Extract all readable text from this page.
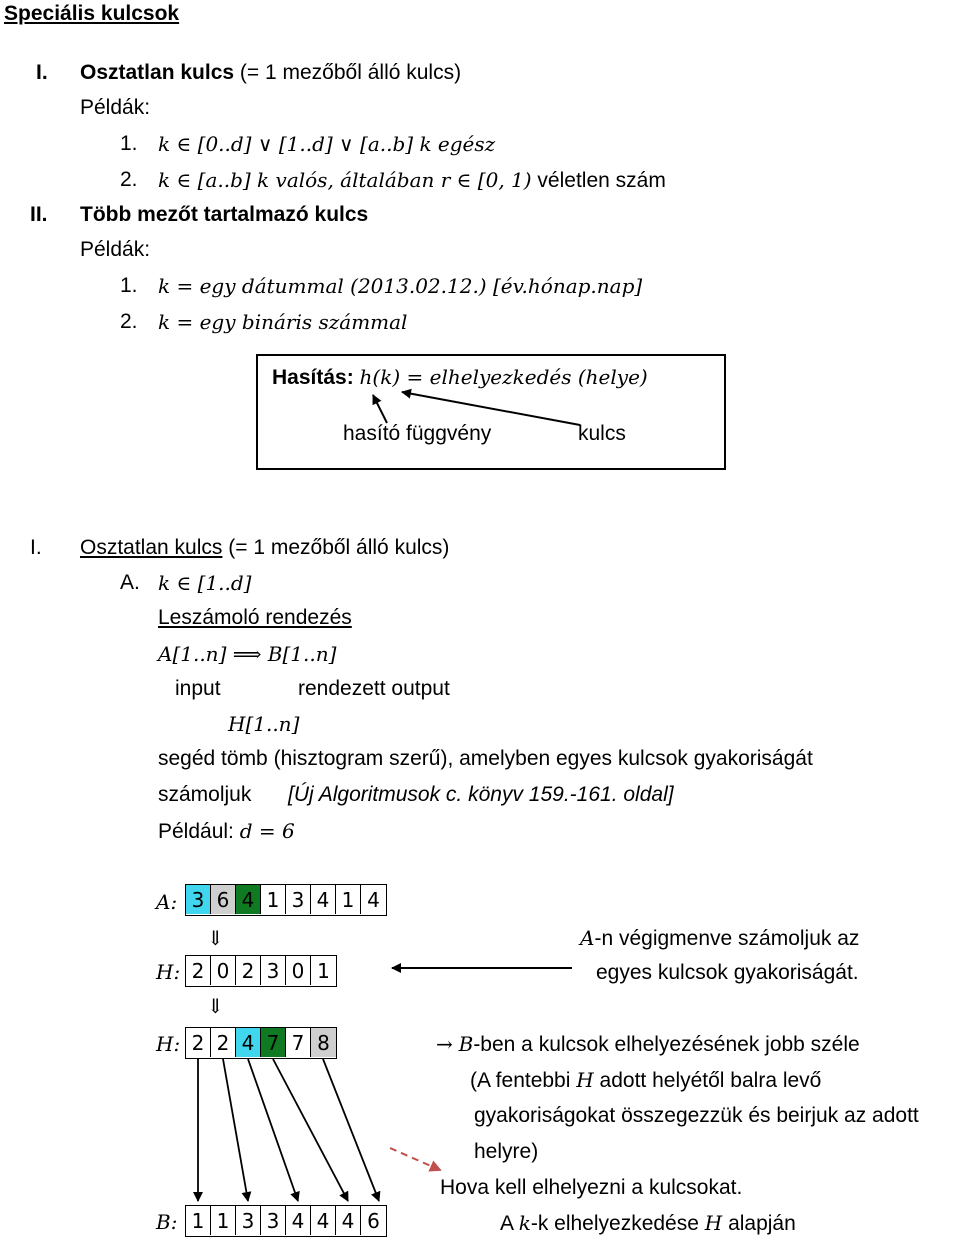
Speciális kulcsok
I. Osztatlan kulcs (= 1 mezőből álló kulcs)
Példák:
1. k ∈ [0..d] ∨ [1..d] ∨ [a..b] k egész
2. k ∈ [a..b] k valós, általában r ∈ [0, 1) véletlen szám
II. Több mezőt tartalmazó kulcs
Példák:
1. k = egy dátummal (2013.02.12.) [év.hónap.nap]
2. k = egy bináris számmal
Hasítás: h(k) = elhelyezkedés (helye)
hasító függvény	kulcs
I. Osztatlan kulcs (= 1 mezőből álló kulcs)
A. k ∈ [1..d]
Leszámoló rendezés
A[1..n] ⟹ B[1..n]
input	rendezett output
H[1..n]
segéd tömb (hisztogram szerű), amelyben egyes kulcsok gyakoriságát
számoljuk [Új Algoritmusok c. könyv 159.-161. oldal]
Például: d = 6
A: 3 6 4 1 3 4 1 4
⇓
H: 2 0 2 3 0 1
⇓
H: 2 2 4 7 7 8
B: 1 1 3 3 4 4 4 6
A-n végigmenve számoljuk az
egyes kulcsok gyakoriságát.
→ B-ben a kulcsok elhelyezésének jobb széle
(A fentebbi H adott helyétől balra levő
gyakoriságokat összegezzük és beirjuk az adott
helyre)
Hova kell elhelyezni a kulcsokat.
A k-k elhelyezkedése H alapján
